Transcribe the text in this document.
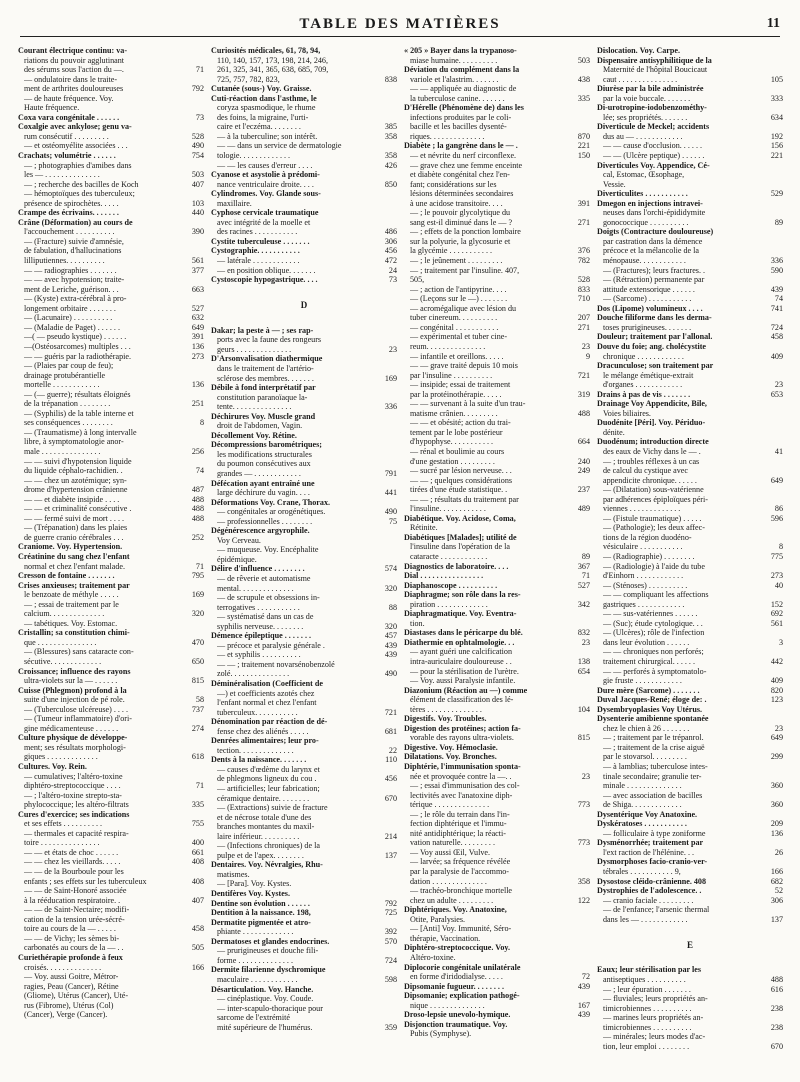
TABLE DES MATIÈRES	11
Courant électrique continu: va-
riations du pouvoir agglutinant
des sérums sous l'action du —.	71
— ondulatoire dans le traite-
ment de arthrites douloureuses	792
— de haute fréquence. Voy.
Haute fréquence.
Coxa vara congénitale . . . . . .	73
Coxalgie avec ankylose; genu va-
rum consécutif . . . . . . . . .	528
— et ostéomyélite associées . . .	490
Crachats; volumétrie . . . . . .	754
— ; photographies d'amibes dans
les — . . . . . . . . . . . . . .	503
— ; recherche des bacilles de Koch	407
— hémoptoïques des tuberculeux;
présence de spirochètes. . . . .	103
Crampe des écrivains. . . . . . .	440
Crâne (Déformation) au cours de
l'accouchement . . . . . . . . . .	390
— (Fracture) suivie d'amnésie,
de fabulation, d'hallucinations
lilliputiennes. . . . . . . . . .	561
— — radiographies . . . . . . .	377
— — avec hypotension; traite-
ment de Leriche, guérison. . .	663
— (Kyste) extra-cérébral à pro-
longement orbitaire . . . . . . .	527
— (Lacunaire) . . . . . . . . . .	632
— (Maladie de Paget) . . . . . .	649
—( — pseudo kystique) . . . . . .	391
—(Ostéosarcomes) multiples . . .	136
— — guéris par la radiothérapie.	273
— (Plaies par coup de feu);
drainage protubérantielle
mortelle . . . . . . . . . . . .	136
— (— guerre); résultats éloignés
de la trépanation . . . . . . . .	251
— (Syphilis) de la table interne et
ses conséquences . . . . . . . .	8
— (Traumatisme) à long intervalle
libre, à symptomatologie anor-
male . . . . . . . . . . . . . . .	256
— — suivi d'hypotension liquide
du liquide céphalo-rachidien. .	74
— — chez un azotémique; syn-
drome d'hypertension crânienne	487
— — et diabète insipide . . . .	488
— — et criminalité consécutive .	488
— — fermé suivi de mort . . . .	488
— (Trépanation) dans les plaies
de guerre cranio cérébrales . . .	252
Craniome. Voy. Hypertension.
Créatinine du sang chez l'enfant
normal et chez l'enfant malade.	71
Cresson de fontaine . . . . . . .	795
Crises anxieuses; traitement par
le benzoate de méthyle . . . . .	169
— ; essai de traitement par le
calcium. . . . . . . . . . . . . .	320
— tabétiques. Voy. Estomac.
Cristallin; sa constitution chimi-
que . . . . . . . . . . . . . . .	470
— (Blessures) sans cataracte con-
sécutive. . . . . . . . . . . . .	650
Croissance; influence des rayons
ultra-violets sur la — . . . . . .	815
Cuisse (Phlegmon) profond à la
suite d'une injection de pé role.	58
— (Tuberculose ulcéreuse) . . . .	737
— (Tumeur inflammatoire) d'ori-
gine médicamenteuse . . . . . .	274
Culture physique de développe-
ment; ses résultats morphologi-
giques . . . . . . . . . . . . .	618
Cultures. Voy. Rein.
— cumulatives; l'altéro-toxine
diphtéro-streptococcique . . . .	71
— ; l'altéro-toxine strepto-sta-
phylococcique; les altéro-filtrats	335
Cures d'exercice; ses indications
et ses effets . . . . . . . . . .	755
— thermales et capacité respira-
toire . . . . . . . . . . . . . . .	400
— — et états de choc . . . . . .	661
— — chez les vieillards. . . . .	408
— — de la Bourboule pour les
enfants ; ses effets sur les tuberculeux	408
— — de Saint-Honoré associée
à la rééducation respiratoire. .	407
— — de Saint-Nectaire; modifi-
cation de la tension urée-sécré-
toire au cours de la — . . . . .	458
— — de Vichy; les sèmes bi-
carbonatés au cours de la — . .	505
Curiethérapie profonde à feux
croisés. . . . . . . . . . . . . .	166
— Voy. aussi Goitre, Métror-
ragies, Peau (Cancer), Rétine
(Gliome), Utérus (Cancer), Uté-
rus (Fibrome), Utérus (Col)
(Cancer), Verge (Cancer).
Curiosités médicales, 61, 78, 94,
110, 140, 157, 173, 198, 214, 246,
261, 325, 341, 365, 638, 685, 709,
725, 757, 782, 823,	838
Cutanée (sous-) Voy. Graisse.
Cuti-réaction dans l'asthme, le
coryza spasmodique, le rhume
des foins, la migraine, l'urti-
caire et l'eczéma. . . . . . . .	385
— à la tuberculine; son intérêt.	358
— — dans un service de dermatologie
tologie. . . . . . . . . . . . .	358
— — les causes d'erreur . . . .	426
Cyanose et asystolie à prédomi-
nance ventriculaire droite. . . .	850
Cylindromes. Voy. Glande sous-
maxillaire.
Cyphose cervicale traumatique
avec intégrité de la moelle et
des racines . . . . . . . . . . .	486
Cystite tuberculeuse . . . . . . .	306
Cystographie. . . . . . . . . . .	456
— latérale . . . . . . . . . . . .	472
— en position oblique. . . . . . .	24
Cystoscopie hypogastrique. . . .	73
D
Dakar; la peste à — ; ses rap-
ports avec la faune des rongeurs
geurs . . . . . . . . . . . . . .	23
D'Arsonvalisation diathermique
dans le traitement de l'artério-
sclérose des membres. . . . . . .	169
Débile à fond interprétatif par
constitution paranoïaque la-
tente. . . . . . . . . . . . . . .	336
Déchirures Voy. Muscle grand
droit de l'abdomen, Vagin.
Décollement Voy. Rétine.
Décompressions barométriques;
les modifications structurales
du poumon consécutives aux
grandes — . . . . . . . . . . . .	791
Défécation ayant entraîné une
large déchirure du vagin. . . .	441
Déformations Voy. Crane, Thorax.
— congénitales ar orogénétiques.	490
— professionnelles . . . . . . . .	75
Dégénérescence argyrophile.
Voy Cerveau.
— muqueuse. Voy. Encéphalite
épidémique.
Délire d'influence . . . . . . . .	574
— de rêverie et automatisme
mental. . . . . . . . . . . . . .	320
— de scrupule et obsessions in-
terrogatives . . . . . . . . . . .	88
— systématisé dans un cas de
syphilis nerveuse. . . . . . . .	320
Démence épileptique . . . . . . .	457
— précoce et paralysie générale .	439
— et syphilis . . . . . . . . . .	439
— — ; traitement novarsénobenzolé
zolé. . . . . . . . . . . . . . .	490
Déminéralisation (Coefficient de
—) et coefficients azotés chez
l'enfant normal et chez l'enfant
tuberculeux. . . . . . . . . . .	721
Dénomination par réaction de dé-
fense chez des aliénés . . . . .	681
Denrées alimentaires; leur pro-
tection. . . . . . . . . . . . . .	22
Dents à la naissance. . . . . . .	110
— causes d'œdème du larynx et
de phlegmons ligneux du cou .	456
— artificielles; leur fabrication;
céramique dentaire. . . . . . . .	670
— (Extractions) suivie de fracture
et de nécrose totale d'une des
branches montantes du maxil-
laire inférieur. . . . . . . . . .	214
— (Infections chroniques) de la
pulpe et de l'apex. . . . . . . .	137
Dentaires. Voy. Névralgies, Rhu-
matismes.
— [Para]. Voy. Kystes.
Dentifères Voy. Kystes.
Dentine son évolution . . . . . .	792
Dentition à la naissance. 198,	725
Dermatite pigmentée et atro-
phiante . . . . . . . . . . . . .	392
Dermatoses et glandes endocrines.	570
— prurigineuses et douche fili-
forme . . . . . . . . . . . . . .	724
Dermite filarienne dyschromique
maculaire . . . . . . . . . . . .	598
Désarticulation. Voy. Hanche.
— cinéplastique. Voy. Coude.
— inter-scapulo-thoracique pour
sarcome de l'extrémité
mité supérieure de l'humérus.	359
« 205 » Bayer dans la trypanoso-
miase humaine. . . . . . . . . .	503
Déviation du complément dans la
variole et l'alastrim. . . . . . .	438
— — appliquée au diagnostic de
la tuberculose canine. . . . . . .	335
D'Hérelle (Phénomène de) dans les
infections produites par le coli-
bacille et les bacilles dysenté-
riques. . . . . . . . . . . . . .	870
Diabète ; la gangrène dans le — .	221
— et névrite du nerf circonflexe.	150
— grave chez une femme enceinte
et diabète congénital chez l'en-
fant; considérations sur les
lésions déterminées secondaires
à une acidose transitoire. . . .	391
— ; le pouvoir glycolytique du
sang est-il diminué dans le — ?	271
— ; effets de la ponction lombaire
sur la polyurie, la glycosurie et
la glycémie . . . . . . . . . . .	376
— ; le jeûnement . . . . . . . . .	782
— ; traitement par l'insuline. 407,
505,	528
— ; action de l'antipyrine. . . .	833
— (Leçons sur le —) . . . . . . .	710
— acromégalique avec lésion du
tuber cinereum. . . . . . . . . .	207
— congénital . . . . . . . . . . .	271
— expérimental et tuber cine-
reum. . . . . . . . . . . . . . .	23
— infantile et oreillons. . . . .	9
— — grave traité depuis 10 mois
par l'insuline . . . . . . . . . .	721
— insipide; essai de traitement
par la protéinothérapie. . . . .	319
— — survenant à la suite d'un trau-
matisme crânien. . . . . . . . .	488
— — et obésité; action du trai-
tement par le lobe postérieur
d'hypophyse. . . . . . . . . . .	664
— rénal et boulimie au cours
d'une gestation . . . . . . . . .	240
— sucré par lésion nerveuse. . .	249
— — ; quelques considérations
tirées d'une étude statistique. .	237
— — ; résultats du traitement par
l'insuline. . . . . . . . . . . .	489
Diabétique. Voy. Acidose, Coma,
Rétinite.
Diabétiques [Malades]; utilité de
l'insuline dans l'opération de la
cataracte . . . . . . . . . . . .	89
Diagnostics de laboratoire. . . .	367
Dial . . . . . . . . . . . . . . . .	71
Diaphanoscope . . . . . . . . . .	527
Diaphragme; son rôle dans la res-
piration . . . . . . . . . . . . .	342
Diaphragmatique. Voy. Eventra-
tion.
Diastases dans le péricarpe du blé.	832
Diathermie en ophtalmologie. . .	23
— ayant guéri une calcification
intra-auriculaire douloureuse . .	138
— pour la stérilisation de l'urètre.	654
— Voy. aussi Paralysie infantile.
Diazonium (Réaction au —) comme
élément de classification des lé-
tères . . . . . . . . . . . . . .	104
Digestifs. Voy. Troubles.
Digestion des protéines; action fa-
vorable des rayons ultra-violets.	815
Digestive. Voy. Hémoclasie.
Dilatations. Voy. Bronches.
Diphtérie, l'immunisation sponta-
née et provoquée contre la —. .	23
— ; essai d'immunisation des col-
lectivités avec l'anatoxine diph-
térique . . . . . . . . . . . . . .	773
— ; le rôle du terrain dans l'in-
fection diphtérique et l'immu-
nité antidiphtérique; la réacti-
vation naturelle. . . . . . . . .	773
— Voy aussi Œil, Vulve.
— larvée; sa fréquence révélée
par la paralysie de l'accommo-
dation . . . . . . . . . . . . . .	358
— trachéo-bronchique mortelle
chez un adulte . . . . . . . . .	122
Diphtériques. Voy. Anatoxine,
Otite, Paralysies.
— [Anti] Voy. Immunité, Séro-
thérapie, Vaccination.
Diphtéro-streptococcique. Voy.
Altéro-toxine.
Diplocorie congénitale unilatérale
en forme d'iridodialyse. . . . .	72
Dipsomanie fugueur. . . . . . . .	439
Dipsomanie; explication pathogé-
nique . . . . . . . . . . . . . .	167
Droso-lepsie unevolo-hymique.	439
Disjonction traumatique. Voy.
Pubis (Symphyse).
Dislocation. Voy. Carpe.
Dispensaire antisyphilitique de la
Maternité de l'hôpital Boucicaut
caut . . . . . . . . . . . . . . .	105
Diurèse par la bile administrée
par la voie buccale. . . . . . .	333
Di-urotropine-iodobenzométhy-
lée; ses propriétés. . . . . . .	634
Diverticule de Meckel; accidents
dus au — . . . . . . . . . . . .	192
— — cause d'occlusion. . . . . .	156
— — (Ulcère peptique) . . . . . .	221
Diverticules Voy. Appendice, Cé-
cal, Estomac, Œsophage,
Vessie.
Diverticulites . . . . . . . . . . .	529
Dmegon en injections intravei-
neuses dans l'orchi-épididymite
gonococcique . . . . . . . . . .	89
Doigts (Contracture douloureuse)
par castration dans la démence
précoce et la mélancolie de la
ménopause. . . . . . . . . . . .	336
— (Fractures); leurs fractures. .	590
— (Rétraction) permanente par
attitude extensorique . . . . . .	439
— (Sarcome) . . . . . . . . . . .	74
Dos (Lipome) volumineux . . . .	741
Douche filiforme dans les derma-
toses prurigineuses. . . . . . .	724
Douleur; traitement par l'allonal.	458
Douve du foie; ang. cholécystite
chronique . . . . . . . . . . . .	409
Dracunculose; son traitement par
le mélange émétique-extrait
d'organes . . . . . . . . . . . .	23
Drains à pas de vis . . . . . . .	653
Drainage Voy Appendicite, Bile,
Voies biliaires.
Duodénite [Péri]. Voy. Périduo-
dénite.
Duodénum; introduction directe
des eaux de Vichy dans le — .	41
— ; troubles réflexes à un cas
de calcul du cystique avec
appendicite chronique. . . . . .	649
— (Dilatation) sous-vatérienne
par adhérences épiploïques péri-
viennes . . . . . . . . . . . . .	86
— (Fistule traumatique) . . . . .	596
— (Pathologie); les deux affec-
tions de la région duodéno-
vésiculaire . . . . . . . . . . .	8
— (Radiographie) . . . . . . . .	775
— (Radiologie) à l'aide du tube
d'Einhorn . . . . . . . . . . . .	273
— (Sténoses) . . . . . . . . . .	40
— — compliquant les affections
gastriques . . . . . . . . . . . .	152
— — sus-vatériennes . . . . . .	692
— (Suc); étude cytologique. . .	561
— (Ulcères); rôle de l'infection
dans leur évolution . . . . . .	3
— — chroniques non perforés;
traitement chirurgical. . . . . .	442
— — perforés à symptomatolo-
gie fruste . . . . . . . . . . . .	409
Dure mère (Sarcome) . . . . . . .	820
Duval Jacques-René; éloge de: .	123
Dysembryoplasies Voy Utérus.
Dysenterie amibienne spontanée
chez le chien à 26 . . . . . . .	23
— ; traitement par le trépanrol.	649
— ; traitement de la crise aiguë
par le stovarsol. . . . . . . . .	299
— à lamblias; tuberculose intes-
tinale secondaire; granulie ter-
minale . . . . . . . . . . . . . .	360
— avec association de bacilles
de Shiga. . . . . . . . . . . . .	360
Dysentérique Voy Anatoxine.
Dyskératoses . . . . . . . . . . .	209
— folliculaire à type zoniforme	136
Dysménorrhée; traitement par
l'ext raction de l'hélénine. . .	26
Dysmorphoses facio-cranio-ver-
tébrales . . . . . . . . . . . 9,	166
Dysostose cléido-crânienne. 408	682
Dystrophies de l'adolescence. .	52
— cranio faciale . . . . . . . . .	306
— de l'enfance; l'arsenic thermal
dans les — . . . . . . . . . . . .	137
E
Eaux; leur stérilisation par les
antiseptiques . . . . . . . . . .	488
— ; leur épuration . . . . . . .	616
— fluviales; leurs propriétés an-
timicrobiennes . . . . . . . . . .	238
— marines leurs propriétés an-
timicrobiennes . . . . . . . . . .	238
— minérales; leurs modes d'ac-
tion, leur emploi . . . . . . . .	670
